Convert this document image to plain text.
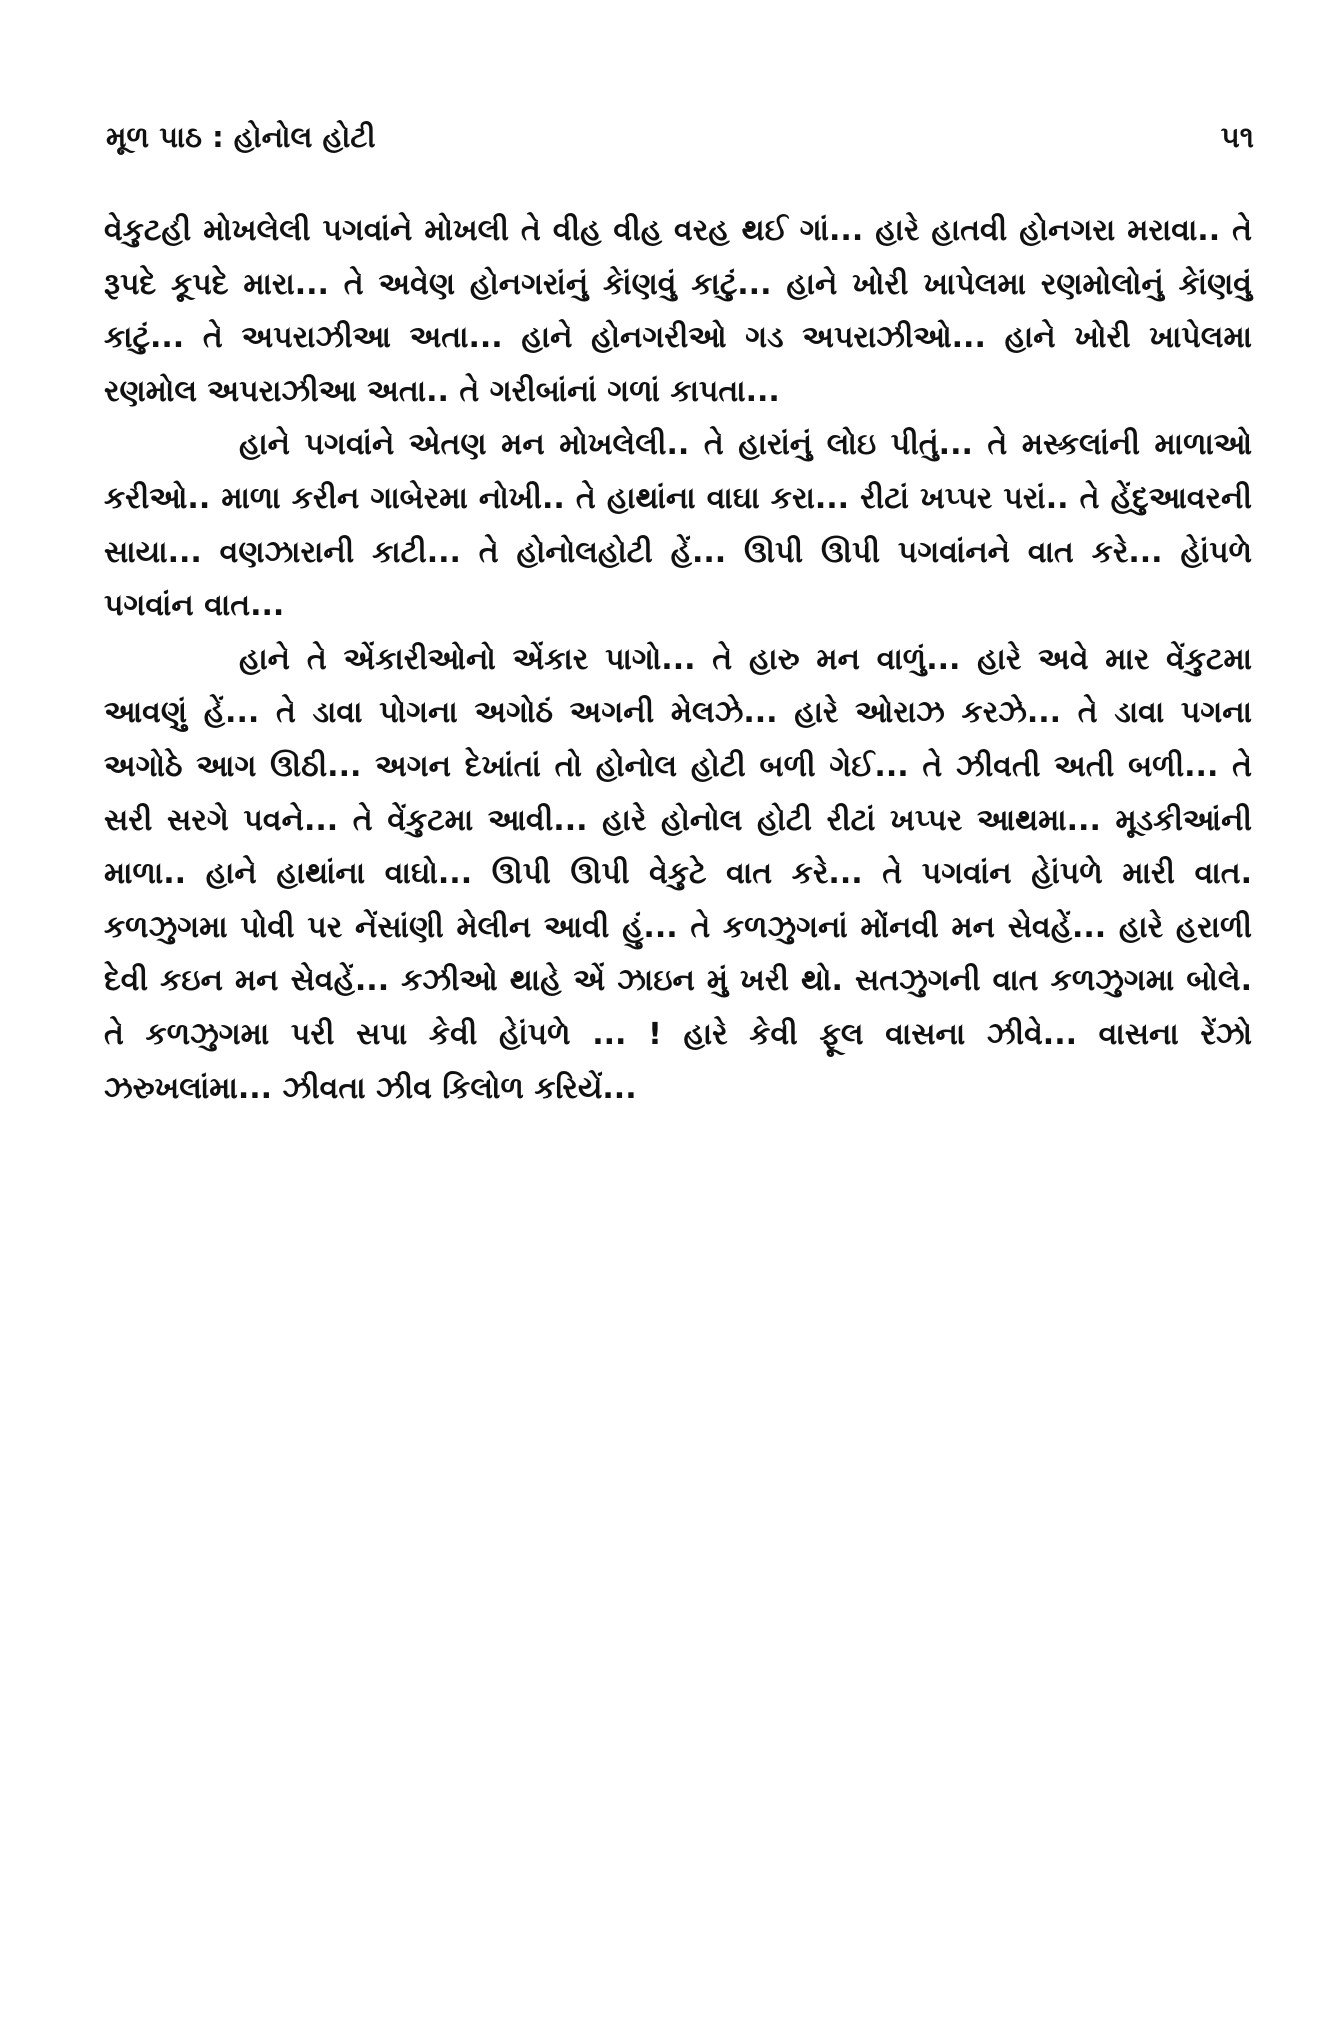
મૂળ પાઠ : હોનોલ હોટી	૫૧

વેકુટહી મોખલેલી પગવાંને મોખલી તે વીહ વીહ વરહ થઈ ગાં... હારે હાતવી હોનગરા મરાવા.. તે રૂપદે કૂપદે મારા... તે અવેણ હોનગરાંનું કેાંણવું કાટું... હાને ખોરી ખાપેલમા રણમોલોનું કેાંણવું કાટું... તે અપરાઝીઆ અતા... હાને હોનગરીઓ ગડ અપરાઝીઓ... હાને ખોરી ખાપેલમા રણમોલ અપરાઝીઆ અતા.. તે ગરીબાંનાં ગળાં કાપતા...

હાને પગવાંને એતણ મન મોખલેલી.. તે હારાંનું લોઇ પીતું... તે મસ્કલાંની માળાઓ કરીઓ.. માળા કરીન ગાબેરમા નોખી.. તે હાથાંના વાઘા કરા... રીટાં ખપ્પર પરાં.. તે હેંદુઆવરની સાયા... વણઝારાની કાટી... તે હોનોલહોટી હેં... ઊપી ઊપી પગવાંનને વાત કરે... હેાંપળે પગવાંન વાત...

હાને તે એંકારીઓનો એંકાર પાગો... તે હારુ મન વાળું... હારે અવે માર વેંકુટમા આવણું હેં... તે ડાવા પોગના અગોઠં અગની મેલઝે... હારે ઓરાઝ કરઝે... તે ડાવા પગના અગોઠે આગ ઊઠી... અગન દેખાંતાં તો હોનોલ હોટી બળી ગેઈ... તે ઝીવતી અતી બળી... તે સરી સરગે પવને... તે વેંકુટમા આવી... હારે હોનોલ હોટી રીટાં ખપ્પર આથમા... મૂડકીઆંની માળા.. હાને હાથાંના વાઘો... ઊપી ઊપી વેકુટે વાત કરે... તે પગવાંન હેાંપળે મારી વાત. કળઝુગમા પોવી પર નેંસાંણી મેલીન આવી હું... તે કળઝુગનાં મોંનવી મન સેવહેં... હારે હરાળી દેવી કઇન મન સેવહેં... કઝીઓ થાહે એં ઝાઇન મું ખરી થો. સતઝુગની વાત કળઝુગમા બોલે. તે કળઝુગમા પરી સપા કેવી હેાંપળે ... ! હારે કેવી ફૂલ વાસના ઝીવે... વાસના રેંઝો ઝરુખલાંમા... ઝીવતા ઝીવ કિલોળ કરિયેં...
